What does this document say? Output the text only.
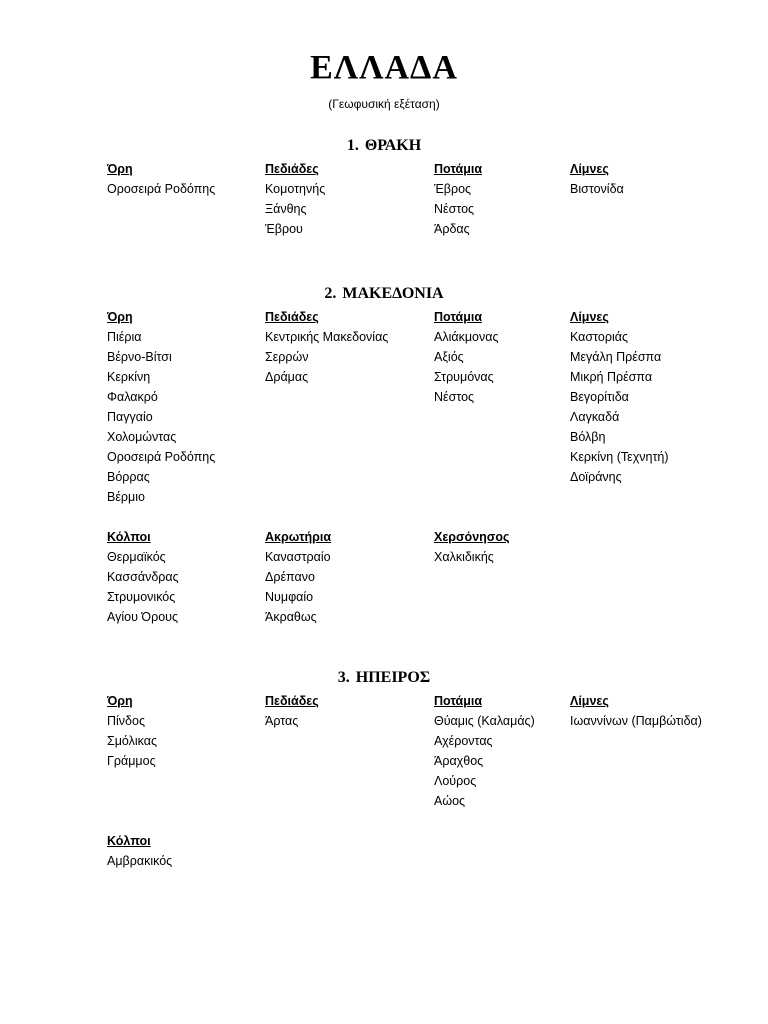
ΕΛΛΑΔΑ
(Γεωφυσική εξέταση)
1. ΘΡΑΚΗ
Όρη
Οροσειρά Ροδόπης
Πεδιάδες
Κομοτηνής
Ξάνθης
Έβρου
Ποτάμια
Έβρος
Νέστος
Άρδας
Λίμνες
Βιστονίδα
2. ΜΑΚΕΔΟΝΙΑ
Όρη
Πιέρια
Βέρνο-Βίτσι
Κερκίνη
Φαλακρό
Παγγαίο
Χολομώντας
Οροσειρά Ροδόπης
Βόρρας
Βέρμιο
Πεδιάδες
Κεντρικής Μακεδονίας
Σερρών
Δράμας
Ποτάμια
Αλιάκμονας
Αξιός
Στρυμόνας
Νέστος
Λίμνες
Καστοριάς
Μεγάλη Πρέσπα
Μικρή Πρέσπα
Βεγορίτιδα
Λαγκαδά
Βόλβη
Κερκίνη (Τεχνητή)
Δοϊράνης
Κόλποι
Θερμαϊκός
Κασσάνδρας
Στρυμονικός
Αγίου Όρους
Ακρωτήρια
Καναστραίο
Δρέπανο
Νυμφαίο
Άκραθως
Χερσόνησος
Χαλκιδικής
3. ΗΠΕΙΡΟΣ
Όρη
Πίνδος
Σμόλικας
Γράμμος
Πεδιάδες
Άρτας
Ποτάμια
Θύαμις (Καλαμάς)
Αχέροντας
Άραχθος
Λούρος
Αώος
Λίμνες
Ιωαννίνων (Παμβώτιδα)
Κόλποι
Αμβρακικός
